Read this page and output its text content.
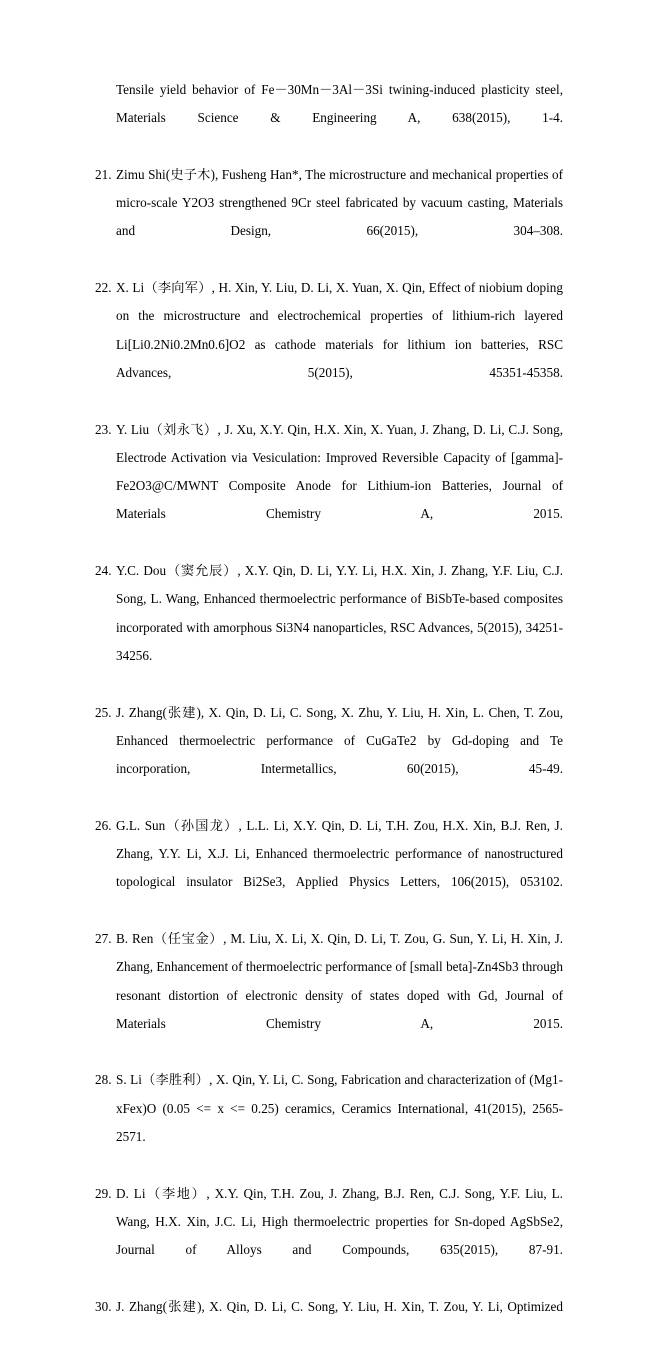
Tensile yield behavior of Fe－30Mn－3Al－3Si twining-induced plasticity steel, Materials Science & Engineering A, 638(2015), 1-4.

21. Zimu Shi(史子木), Fusheng Han*, The microstructure and mechanical properties of micro-scale Y2O3 strengthened 9Cr steel fabricated by vacuum casting, Materials and Design, 66(2015), 304–308.
22. X. Li（李向军）, H. Xin, Y. Liu, D. Li, X. Yuan, X. Qin, Effect of niobium doping on the microstructure and electrochemical properties of lithium-rich layered Li[Li0.2Ni0.2Mn0.6]O2 as cathode materials for lithium ion batteries, RSC Advances, 5(2015), 45351-45358.
23. Y. Liu（刘永飞）, J. Xu, X.Y. Qin, H.X. Xin, X. Yuan, J. Zhang, D. Li, C.J. Song, Electrode Activation via Vesiculation: Improved Reversible Capacity of [gamma]-Fe2O3@C/MWNT Composite Anode for Lithium-ion Batteries, Journal of Materials Chemistry A, 2015.
24. Y.C. Dou（窦允辰）, X.Y. Qin, D. Li, Y.Y. Li, H.X. Xin, J. Zhang, Y.F. Liu, C.J. Song, L. Wang, Enhanced thermoelectric performance of BiSbTe-based composites incorporated with amorphous Si3N4 nanoparticles, RSC Advances, 5(2015), 34251-34256.
25. J. Zhang(张建), X. Qin, D. Li, C. Song, X. Zhu, Y. Liu, H. Xin, L. Chen, T. Zou, Enhanced thermoelectric performance of CuGaTe2 by Gd-doping and Te incorporation, Intermetallics, 60(2015), 45-49.
26. G.L. Sun（孙国龙）, L.L. Li, X.Y. Qin, D. Li, T.H. Zou, H.X. Xin, B.J. Ren, J. Zhang, Y.Y. Li, X.J. Li, Enhanced thermoelectric performance of nanostructured topological insulator Bi2Se3, Applied Physics Letters, 106(2015), 053102.
27. B. Ren（任宝金）, M. Liu, X. Li, X. Qin, D. Li, T. Zou, G. Sun, Y. Li, H. Xin, J. Zhang, Enhancement of thermoelectric performance of [small beta]-Zn4Sb3 through resonant distortion of electronic density of states doped with Gd, Journal of Materials Chemistry A, 2015.
28. S. Li（李胜利）, X. Qin, Y. Li, C. Song, Fabrication and characterization of (Mg1-xFex)O (0.05 <= x <= 0.25) ceramics, Ceramics International, 41(2015), 2565-2571.
29. D. Li（李地）, X.Y. Qin, T.H. Zou, J. Zhang, B.J. Ren, C.J. Song, Y.F. Liu, L. Wang, H.X. Xin, J.C. Li, High thermoelectric properties for Sn-doped AgSbSe2, Journal of Alloys and Compounds, 635(2015), 87-91.
30. J. Zhang(张建), X. Qin, D. Li, C. Song, Y. Liu, H. Xin, T. Zou, Y. Li, Optimized
